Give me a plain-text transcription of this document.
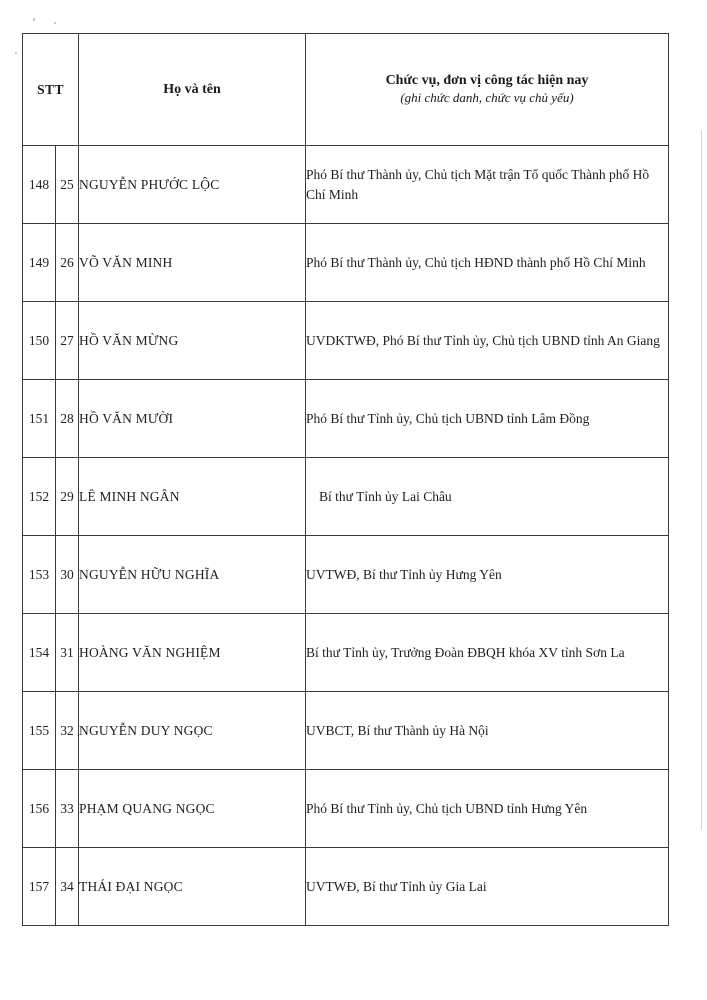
STT		Họ và tên	Chức vụ, đơn vị công tác hiện nay
(ghi chức danh, chức vụ chủ yếu)

148	25	NGUYỄN PHƯỚC LỘC	Phó Bí thư Thành ủy, Chủ tịch Mặt trận Tổ quốc Thành phố Hồ Chí Minh
149	26	VÕ VĂN MINH	Phó Bí thư Thành ủy, Chủ tịch HĐND thành phố Hồ Chí Minh
150	27	HỒ VĂN MỪNG	UVDKTWĐ, Phó Bí thư Tỉnh ủy, Chủ tịch UBND tỉnh An Giang
151	28	HỒ VĂN MƯỜI	Phó Bí thư Tỉnh ủy, Chủ tịch UBND tỉnh Lâm Đồng
152	29	LÊ MINH NGÂN	Bí thư Tỉnh ủy Lai Châu
153	30	NGUYỄN HỮU NGHĨA	UVTWĐ, Bí thư Tỉnh ủy Hưng Yên
154	31	HOÀNG VĂN NGHIỆM	Bí thư Tỉnh ủy, Trưởng Đoàn ĐBQH khóa XV tỉnh Sơn La
155	32	NGUYỄN DUY NGỌC	UVBCT, Bí thư Thành ủy Hà Nội
156	33	PHẠM QUANG NGỌC	Phó Bí thư Tỉnh ủy, Chủ tịch UBND tỉnh Hưng Yên
157	34	THÁI ĐẠI NGỌC	UVTWĐ, Bí thư Tỉnh ủy Gia Lai
